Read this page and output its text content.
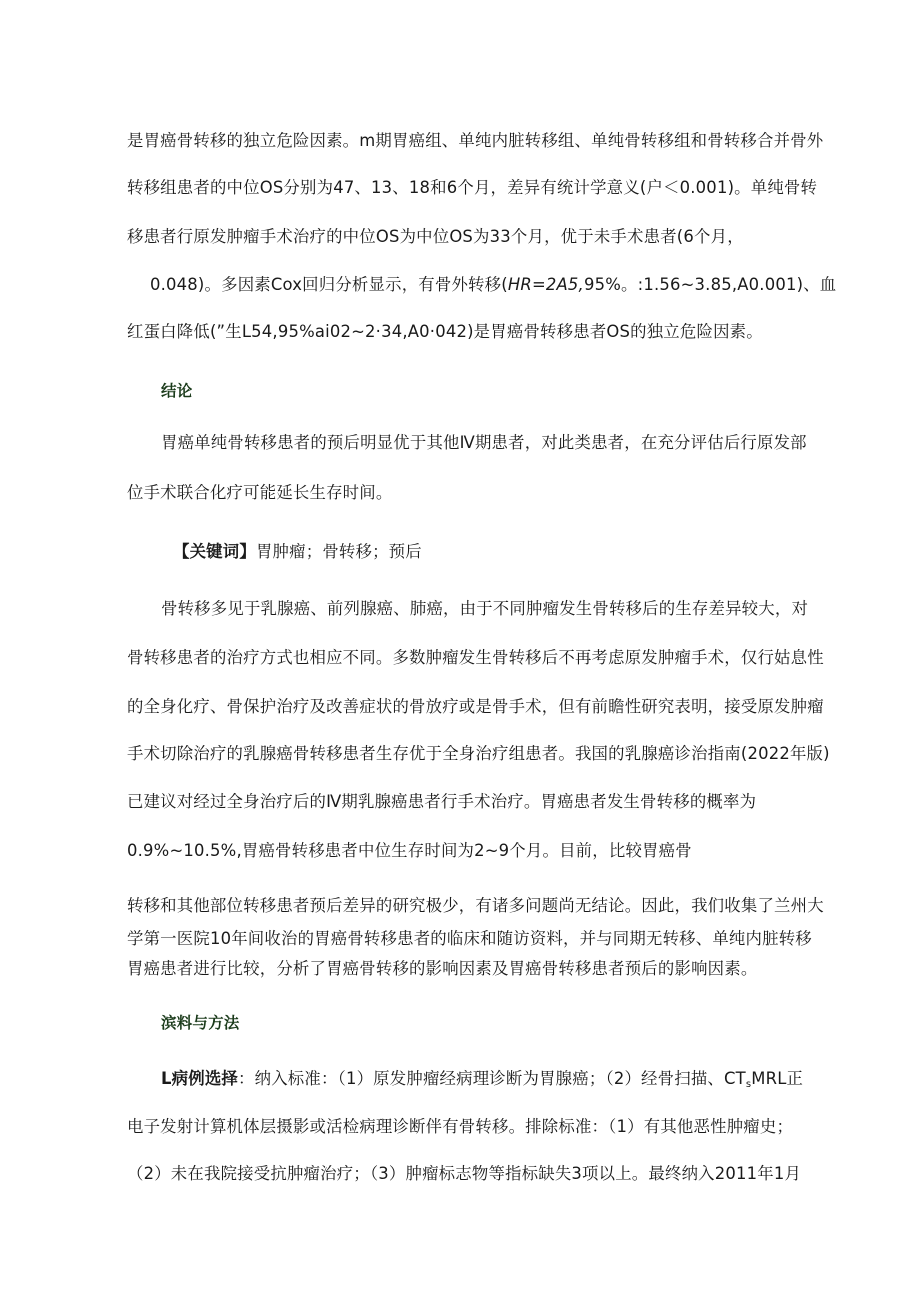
是胃癌骨转移的独立危险因素。m期胃癌组、单纯内脏转移组、单纯骨转移组和骨转移合并骨外
转移组患者的中位OS分别为47、13、18和6个月，差异有统计学意义(户＜0.001)。单纯骨转
移患者行原发肿瘤手术治疗的中位OS为中位OS为33个月，优于未手术患者(6个月，
0.048)。多因素Cox回归分析显示，有骨外转移(HR=2A5,95%。:1.56~3.85,A0.001)、血
红蛋白降低(”生L54,95%ai02~2·34,A0·042)是胃癌骨转移患者OS的独立危险因素。
结论
胃癌单纯骨转移患者的预后明显优于其他Ⅳ期患者，对此类患者，在充分评估后行原发部
位手术联合化疗可能延长生存时间。
【关键词】胃肿瘤；骨转移；预后
骨转移多见于乳腺癌、前列腺癌、肺癌，由于不同肿瘤发生骨转移后的生存差异较大，对
骨转移患者的治疗方式也相应不同。多数肿瘤发生骨转移后不再考虑原发肿瘤手术，仅行姑息性
的全身化疗、骨保护治疗及改善症状的骨放疗或是骨手术，但有前瞻性研究表明，接受原发肿瘤
手术切除治疗的乳腺癌骨转移患者生存优于全身治疗组患者。我国的乳腺癌诊治指南(2022年版)
已建议对经过全身治疗后的Ⅳ期乳腺癌患者行手术治疗。胃癌患者发生骨转移的概率为
0.9%~10.5%,胃癌骨转移患者中位生存时间为2~9个月。目前，比较胃癌骨
转移和其他部位转移患者预后差异的研究极少，有诸多问题尚无结论。因此，我们收集了兰州大
学第一医院10年间收治的胃癌骨转移患者的临床和随访资料，并与同期无转移、单纯内脏转移
胃癌患者进行比较，分析了胃癌骨转移的影响因素及胃癌骨转移患者预后的影响因素。
滨料与方法
L病例选择：纳入标准：（1）原发肿瘤经病理诊断为胃腺癌；（2）经骨扫描、$CT_sMRL$正
电子发射计算机体层摄影或活检病理诊断伴有骨转移。排除标准：（1）有其他恶性肿瘤史；
（2）未在我院接受抗肿瘤治疗；（3）肿瘤标志物等指标缺失3项以上。最终纳入2011年1月
